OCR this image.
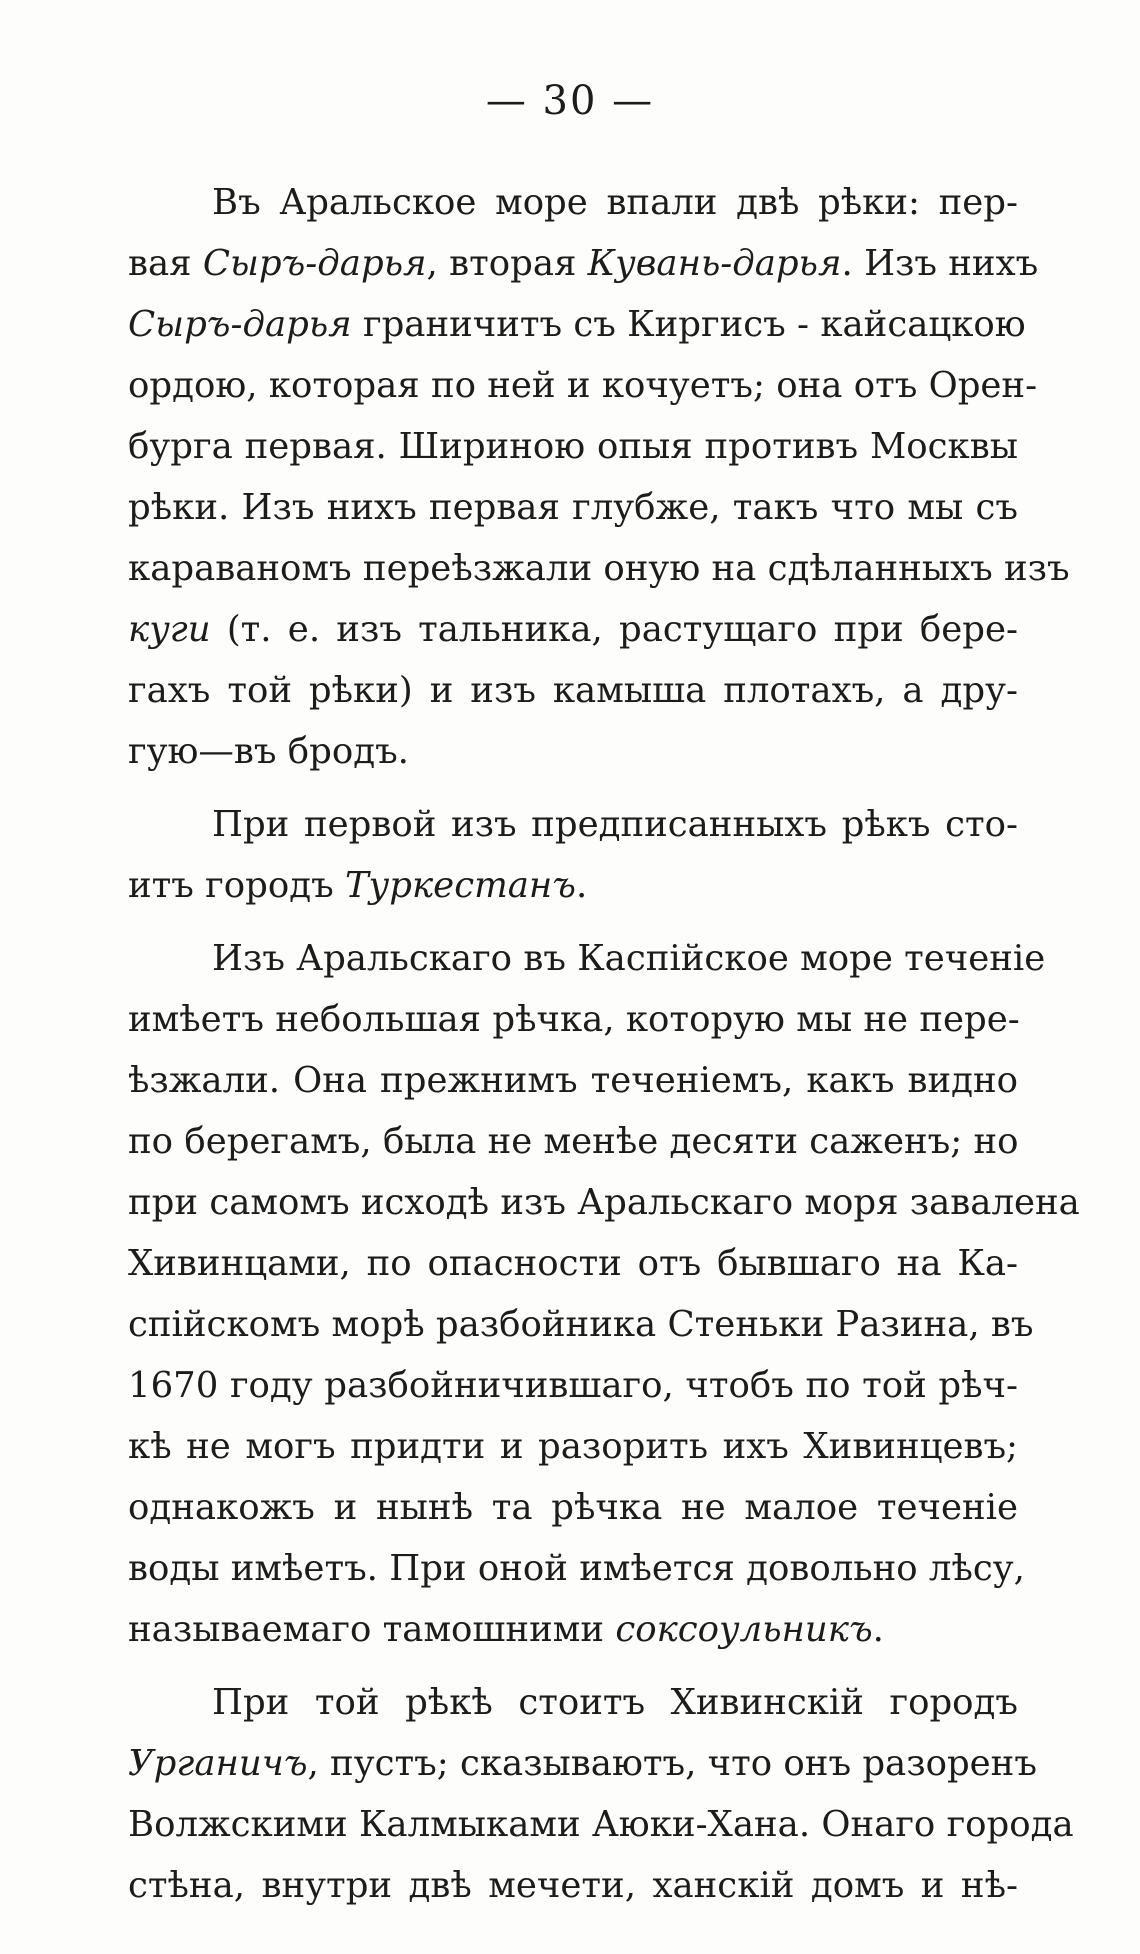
— 30 —
Въ Аральское море впали двѣ рѣки: пер-
вая Сыръ-дарья, вторая Кувань-дарья. Изъ нихъ
Сыръ-дарья граничитъ съ Киргисъ - кайсацкою
ордою, которая по ней и кочуетъ; она отъ Орен-
бурга первая. Шириною опыя противъ Москвы
рѣки. Изъ нихъ первая глубже, такъ что мы съ
караваномъ переѣзжали оную на сдѣланныхъ изъ
куги (т. е. изъ тальника, растущаго при бере-
гахъ той рѣки) и изъ камыша плотахъ, а дру-
гую—въ бродъ.
При первой изъ предписанныхъ рѣкъ сто-
итъ городъ Туркестанъ.
Изъ Аральскаго въ Каспійское море теченіе
имѣетъ небольшая рѣчка, которую мы не пере-
ѣзжали. Она прежнимъ теченіемъ, какъ видно
по берегамъ, была не менѣе десяти саженъ; но
при самомъ исходѣ изъ Аральскаго моря завалена
Хивинцами, по опасности отъ бывшаго на Ка-
спійскомъ морѣ разбойника Стеньки Разина, въ
1670 году разбойничившаго, чтобъ по той рѣч-
кѣ не могъ придти и разорить ихъ Хивинцевъ;
однакожъ и нынѣ та рѣчка не малое теченіе
воды имѣетъ. При оной имѣется довольно лѣсу,
называемаго тамошними соксоульникъ.
При той рѣкѣ стоитъ Хивинскій городъ
Урганичъ, пустъ; сказываютъ, что онъ разоренъ
Волжскими Калмыками Аюки-Хана. Онаго города
стѣна, внутри двѣ мечети, ханскій домъ и нѣ-
